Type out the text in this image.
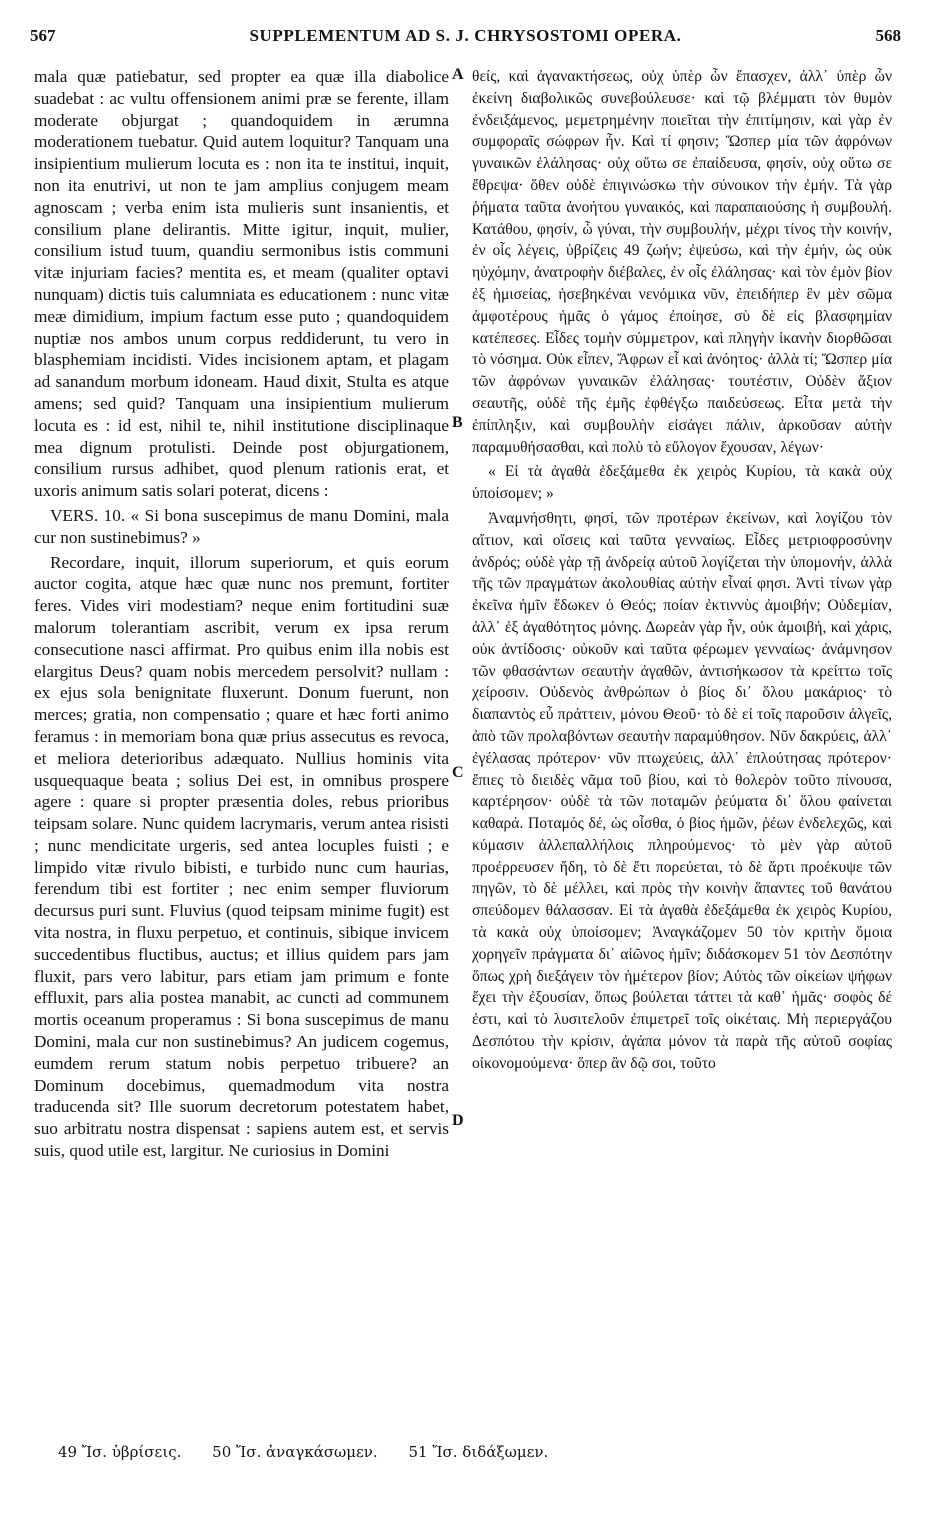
567	SUPPLEMENTUM AD S. J. CHRYSOSTOMI OPERA.	568

mala quæ patiebatur, sed propter ea quæ illa diabolice suadebat : ac vultu offensionem animi præ se ferente, illam moderate objurgat ; quandoquidem in ærumna moderationem tuebatur. Quid autem loquitur? Tanquam una insipientium mulierum locuta es : non ita te institui, inquit, non ita enutrivi, ut non te jam amplius conjugem meam agnoscam ; verba enim ista mulieris sunt insanientis, et consilium plane delirantis. Mitte igitur, inquit, mulier, consilium istud tuum, quandiu sermonibus istis communi vitæ injuriam facies? mentita es, et meam (qualiter optavi nunquam) dictis tuis calumniata es educationem : nunc vitæ meæ dimidium, impium factum esse puto ; quandoquidem nuptiæ nos ambos unum corpus reddiderunt, tu vero in blasphemiam incidisti. Vides incisionem aptam, et plagam ad sanandum morbum idoneam. Haud dixit, Stulta es atque amens; sed quid? Tanquam una insipientium mulierum locuta es : id est, nihil te, nihil institutione disciplinaque mea dignum protulisti. Deinde post objurgationem, consilium rursus adhibet, quod plenum rationis erat, et uxoris animum satis solari poterat, dicens :

VERS. 10. « Si bona suscepimus de manu Domini, mala cur non sustinebimus? »

Recordare, inquit, illorum superiorum, et quis eorum auctor cogita, atque hæc quæ nunc nos premunt, fortiter feres. Vides viri modestiam? neque enim fortitudini suæ malorum tolerantiam ascribit, verum ex ipsa rerum consecutione nasci affirmat. Pro quibus enim illa nobis est elargitus Deus? quam nobis mercedem persolvit? nullam : ex ejus sola benignitate fluxerunt. Donum fuerunt, non merces; gratia, non compensatio ; quare et hæc forti animo feramus : in memoriam bona quæ prius assecutus es revoca, et meliora deterioribus adæquato. Nullius hominis vita usquequaque beata ; solius Dei est, in omnibus prospere agere : quare si propter præsentia doles, rebus prioribus teipsam solare. Nunc quidem lacrymaris, verum antea risisti ; nunc mendicitate urgeris, sed antea locuples fuisti ; e limpido vitæ rivulo bibisti, e turbido nunc cum haurias, ferendum tibi est fortiter ; nec enim semper fluviorum decursus puri sunt. Fluvius (quod teipsam minime fugit) est vita nostra, in fluxu perpetuo, et continuis, sibique invicem succedentibus fluctibus, auctus; et illius quidem pars jam fluxit, pars vero labitur, pars etiam jam primum e fonte effluxit, pars alia postea manabit, ac cuncti ad communem mortis oceanum properamus : Si bona suscepimus de manu Domini, mala cur non sustinebimus? An judicem cogemus, eumdem rerum statum nobis perpetuo tribuere? an Dominum docebimus, quemadmodum vita nostra traducenda sit? Ille suorum decretorum potestatem habet, suo arbitratu nostra dispensat : sapiens autem est, et servis suis, quod utile est, largitur. Ne curiosius in Domini

A
B
C
D

θείς, καὶ ἀγανακτήσεως, οὐχ ὑπὲρ ὧν ἔπασχεν, ἀλλ᾽ ὑπὲρ ὧν ἐκείνη διαβολικῶς συνεβούλευσε· καὶ τῷ βλέμματι τὸν θυμὸν ἐνδειξάμενος, μεμετρημένην ποιεῖται τὴν ἐπιτίμησιν, καὶ γὰρ ἐν συμφοραῖς σώφρων ἦν. Καὶ τί φησιν; Ὥσπερ μία τῶν ἀφρόνων γυναικῶν ἐλάλησας· οὐχ οὕτω σε ἐπαίδευσα, φησίν, οὐχ οὕτω σε ἔθρεψα· ὅθεν οὐδὲ ἐπιγινώσκω τὴν σύνοικον τὴν ἐμήν. Τὰ γὰρ ῥήματα ταῦτα ἀνοήτου γυναικός, καὶ παραπαιούσης ἡ συμβουλή. Κατάθου, φησίν, ὦ γύναι, τὴν συμβουλήν, μέχρι τίνος τὴν κοινήν, ἐν οἷς λέγεις, ὑβρίζεις 49 ζωήν; ἐψεύσω, καὶ τὴν ἐμήν, ὡς οὐκ ηὐχόμην, ἀνατροφὴν διέβαλες, ἐν οἷς ἐλάλησας· καὶ τὸν ἐμὸν βίον ἐξ ἡμισείας, ἡσεβηκέναι νενόμικα νῦν, ἐπειδήπερ ἓν μὲν σῶμα ἀμφοτέρους ἡμᾶς ὁ γάμος ἐποίησε, σὺ δὲ εἰς βλασφημίαν κατέπεσες. Εἶδες τομὴν σύμμετρον, καὶ πληγὴν ἱκανὴν διορθῶσαι τὸ νόσημα. Οὐκ εἶπεν, Ἄφρων εἶ καὶ ἀνόητος· ἀλλὰ τί; Ὥσπερ μία τῶν ἀφρόνων γυναικῶν ἐλάλησας· τουτέστιν, Οὐδὲν ἄξιον σεαυτῆς, οὐδὲ τῆς ἐμῆς ἐφθέγξω παιδεύσεως. Εἶτα μετὰ τὴν ἐπίπληξιν, καὶ συμβουλὴν εἰσάγει πάλιν, ἀρκοῦσαν αὐτὴν παραμυθήσασθαι, καὶ πολὺ τὸ εὔλογον ἔχουσαν, λέγων·

« Εἰ τὰ ἀγαθὰ ἐδεξάμεθα ἐκ χειρὸς Κυρίου, τὰ κακὰ οὐχ ὑποίσομεν; »

Ἀναμνήσθητι, φησί, τῶν προτέρων ἐκείνων, καὶ λογίζου τὸν αἴτιον, καὶ οἴσεις καὶ ταῦτα γενναίως. Εἶδες μετριοφροσύνην ἀνδρός; οὐδὲ γὰρ τῇ ἀνδρείᾳ αὐτοῦ λογίζεται τὴν ὑπομονήν, ἀλλὰ τῆς τῶν πραγμάτων ἀκολουθίας αὐτὴν εἶναί φησι. Ἀντὶ τίνων γὰρ ἐκεῖνα ἡμῖν ἔδωκεν ὁ Θεός; ποίαν ἐκτιννὺς ἀμοιβήν; Οὐδεμίαν, ἀλλ᾽ ἐξ ἀγαθότητος μόνης. Δωρεὰν γὰρ ἦν, οὐκ ἀμοιβή, καὶ χάρις, οὐκ ἀντίδοσις· οὐκοῦν καὶ ταῦτα φέρωμεν γενναίως· ἀνάμνησον τῶν φθασάντων σεαυτὴν ἀγαθῶν, ἀντισήκωσον τὰ κρείττω τοῖς χείροσιν. Οὐδενὸς ἀνθρώπων ὁ βίος δι᾽ ὅλου μακάριος· τὸ διαπαντὸς εὖ πράττειν, μόνου Θεοῦ· τὸ δὲ εἰ τοῖς παροῦσιν ἀλγεῖς, ἀπὸ τῶν προλαβόντων σεαυτὴν παραμύθησον. Νῦν δακρύεις, ἀλλ᾽ ἐγέλασας πρότερον· νῦν πτωχεύεις, ἀλλ᾽ ἐπλούτησας πρότερον· ἔπιες τὸ διειδὲς νᾶμα τοῦ βίου, καὶ τὸ θολερὸν τοῦτο πίνουσα, καρτέρησον· οὐδὲ τὰ τῶν ποταμῶν ῥεύματα δι᾽ ὅλου φαίνεται καθαρά. Ποταμός δέ, ὡς οἶσθα, ὁ βίος ἡμῶν, ῥέων ἐνδελεχῶς, καὶ κύμασιν ἀλλεπαλλήλοις πληρούμενος· τὸ μὲν γὰρ αὐτοῦ προέρρευσεν ἤδη, τὸ δὲ ἔτι πορεύεται, τὸ δὲ ἄρτι προέκυψε τῶν πηγῶν, τὸ δὲ μέλλει, καὶ πρὸς τὴν κοινὴν ἅπαντες τοῦ θανάτου σπεύδομεν θάλασσαν. Εἰ τὰ ἀγαθὰ ἐδεξάμεθα ἐκ χειρὸς Κυρίου, τὰ κακὰ οὐχ ὑποίσομεν; Ἀναγκάζομεν 50 τὸν κριτὴν ὅμοια χορηγεῖν πράγματα δι᾽ αἰῶνος ἡμῖν; διδάσκομεν 51 τὸν Δεσπότην ὅπως χρὴ διεξάγειν τὸν ἡμέτερον βίον; Αὐτὸς τῶν οἰκείων ψήφων ἔχει τὴν ἐξουσίαν, ὅπως βούλεται τάττει τὰ καθ᾽ ἡμᾶς· σοφὸς δέ ἐστι, καὶ τὸ λυσιτελοῦν ἐπιμετρεῖ τοῖς οἰκέταις. Μὴ περιεργάζου Δεσπότου τὴν κρίσιν, ἀγάπα μόνον τὰ παρὰ τῆς αὐτοῦ σοφίας οἰκονομούμενα· ὅπερ ἂν δῷ σοι, τοῦτο

49 Ἴσ. ὑβρίσεις. 50 Ἴσ. ἀναγκάσωμεν. 51 Ἴσ. διδάξωμεν.
